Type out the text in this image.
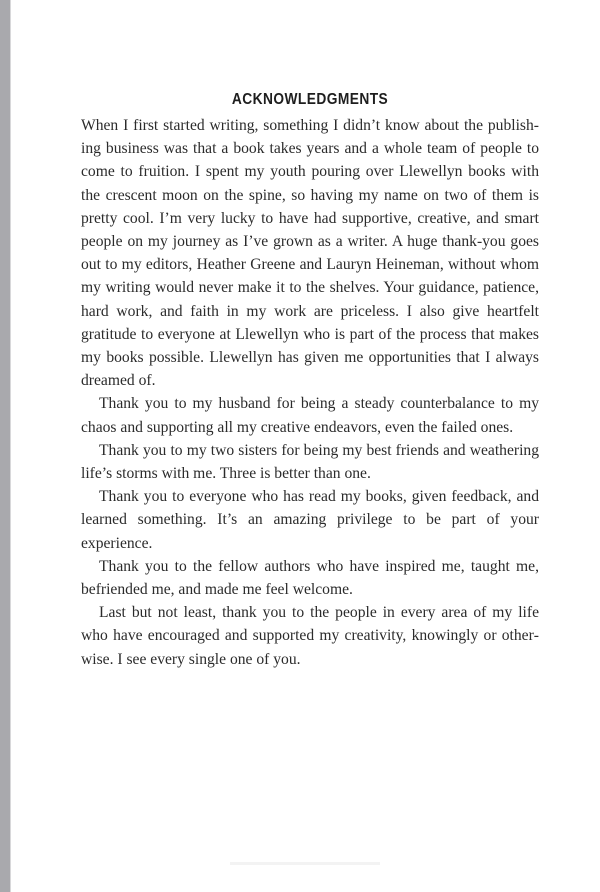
ACKNOWLEDGMENTS

When I first started writing, something I didn’t know about the publishing business was that a book takes years and a whole team of people to come to fruition. I spent my youth pouring over Llewellyn books with the crescent moon on the spine, so having my name on two of them is pretty cool. I’m very lucky to have had supportive, creative, and smart people on my journey as I’ve grown as a writer. A huge thank-you goes out to my editors, Heather Greene and Lauryn Heineman, without whom my writing would never make it to the shelves. Your guidance, patience, hard work, and faith in my work are priceless. I also give heartfelt gratitude to everyone at Llewellyn who is part of the process that makes my books possible. Llewellyn has given me opportunities that I always dreamed of.

Thank you to my husband for being a steady counterbalance to my chaos and supporting all my creative endeavors, even the failed ones.

Thank you to my two sisters for being my best friends and weathering life’s storms with me. Three is better than one.

Thank you to everyone who has read my books, given feedback, and learned something. It’s an amazing privilege to be part of your experience.

Thank you to the fellow authors who have inspired me, taught me, befriended me, and made me feel welcome.

Last but not least, thank you to the people in every area of my life who have encouraged and supported my creativity, knowingly or otherwise. I see every single one of you.
